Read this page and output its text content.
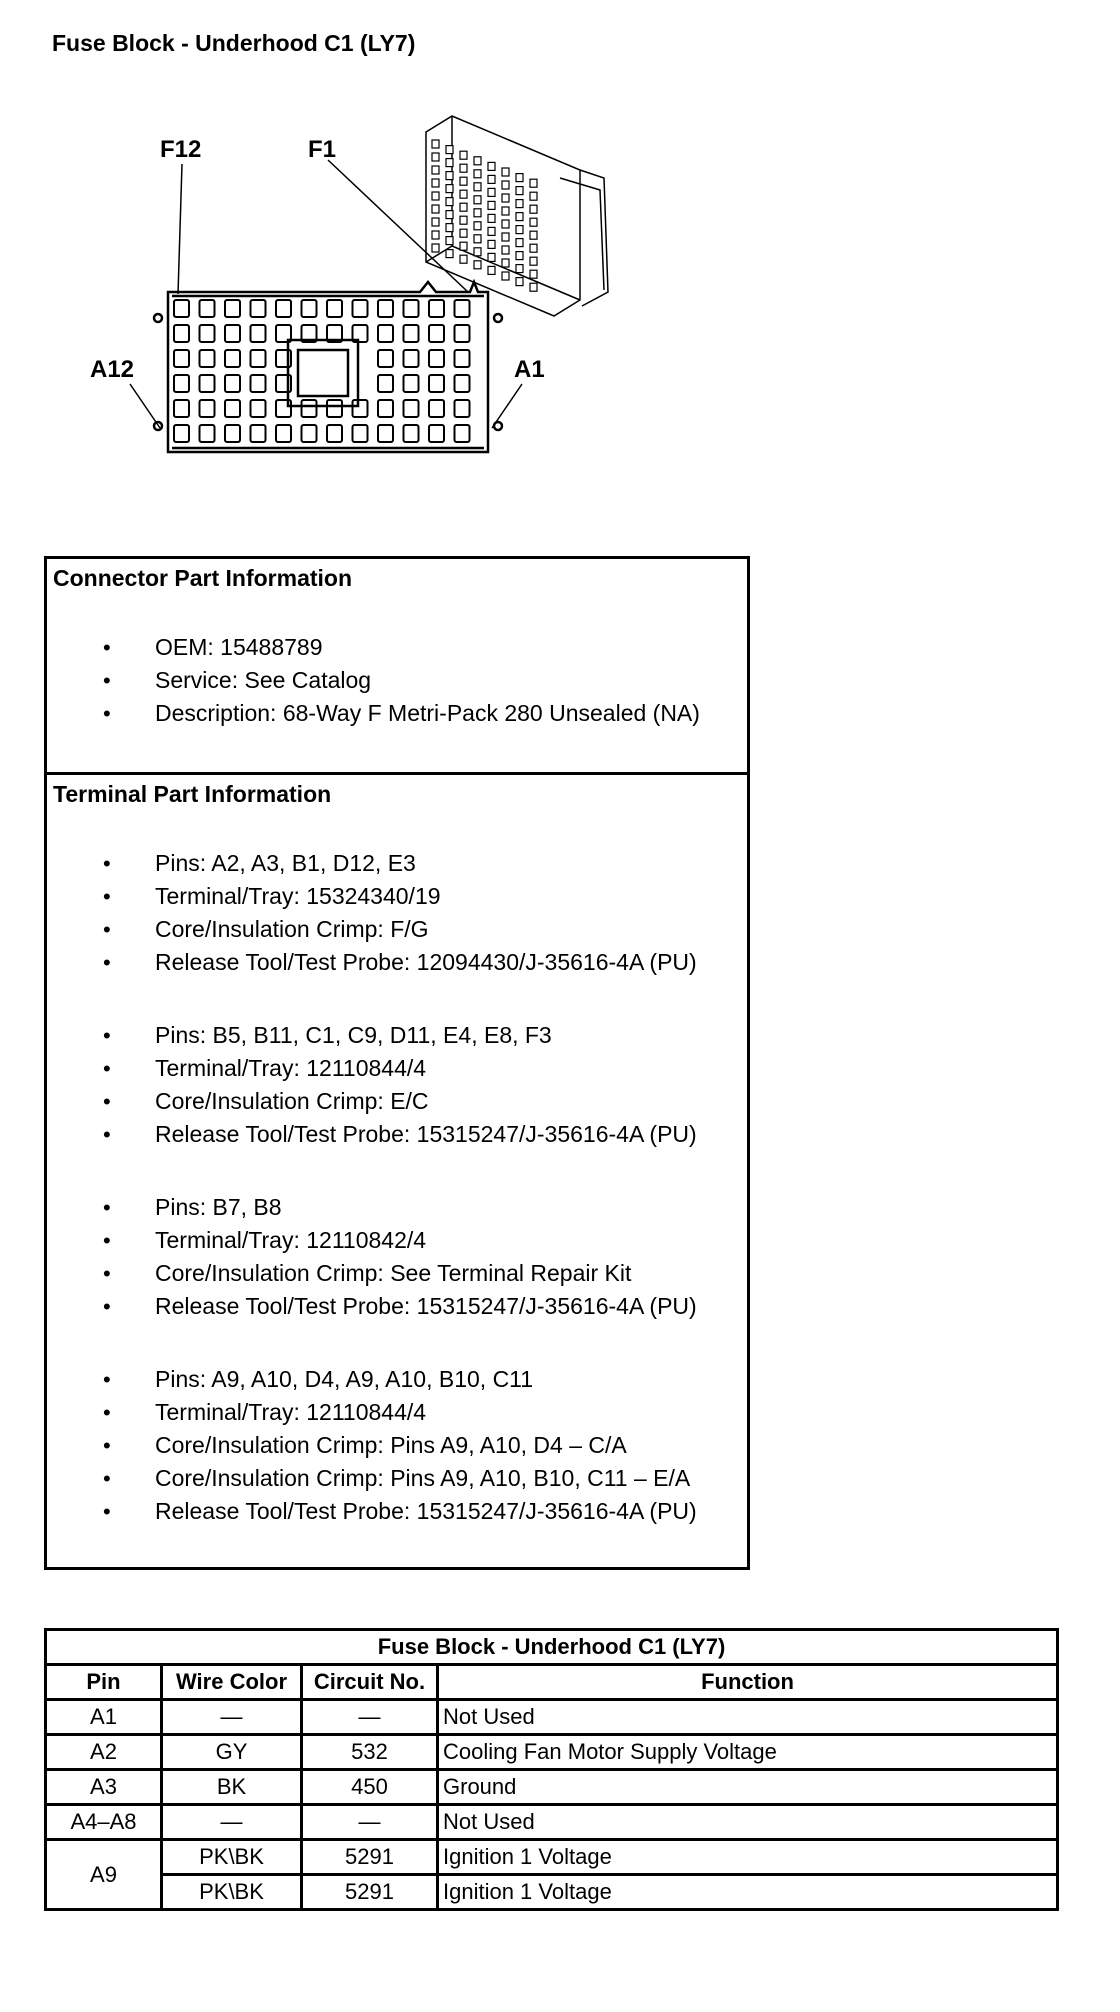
Fuse Block - Underhood C1 (LY7)
F12	F1
A12	A1
Connector Part Information
• OEM: 15488789
• Service: See Catalog
• Description: 68-Way F Metri-Pack 280 Unsealed (NA)
Terminal Part Information
• Pins: A2, A3, B1, D12, E3
• Terminal/Tray: 15324340/19
• Core/Insulation Crimp: F/G
• Release Tool/Test Probe: 12094430/J-35616-4A (PU)
• Pins: B5, B11, C1, C9, D11, E4, E8, F3
• Terminal/Tray: 12110844/4
• Core/Insulation Crimp: E/C
• Release Tool/Test Probe: 15315247/J-35616-4A (PU)
• Pins: B7, B8
• Terminal/Tray: 12110842/4
• Core/Insulation Crimp: See Terminal Repair Kit
• Release Tool/Test Probe: 15315247/J-35616-4A (PU)
• Pins: A9, A10, D4, A9, A10, B10, C11
• Terminal/Tray: 12110844/4
• Core/Insulation Crimp: Pins A9, A10, D4 – C/A
• Core/Insulation Crimp: Pins A9, A10, B10, C11 – E/A
• Release Tool/Test Probe: 15315247/J-35616-4A (PU)
Fuse Block - Underhood C1 (LY7)			
Pin	Wire Color	Circuit No.	Function
A1	—	—	Not Used
A2	GY	532	Cooling Fan Motor Supply Voltage
A3	BK	450	Ground
A4–A8	—	—	Not Used
A9	PK\BK	5291	Ignition 1 Voltage
	PK\BK	5291	Ignition 1 Voltage
